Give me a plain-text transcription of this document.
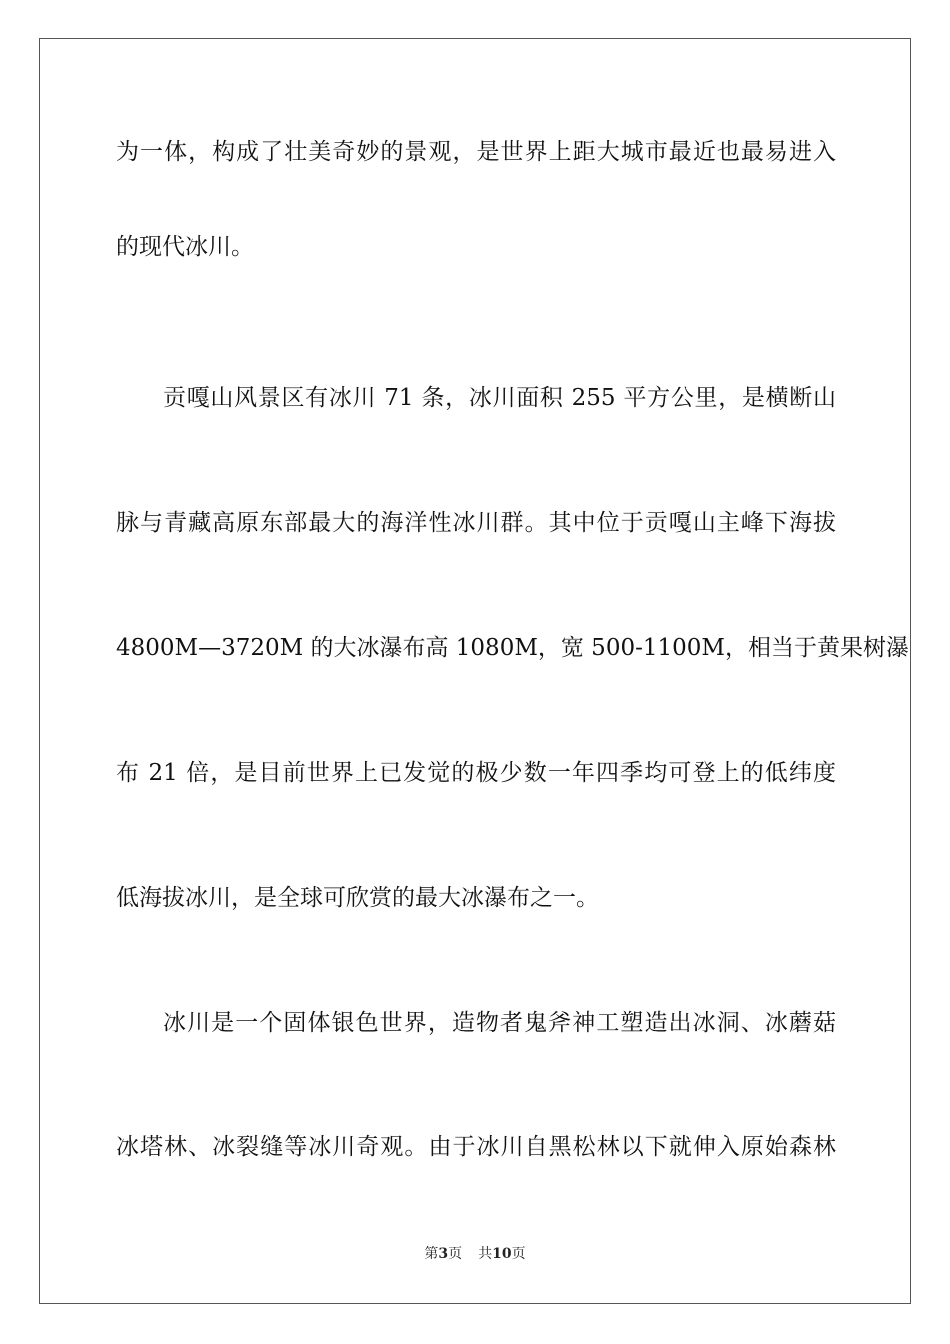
为一体，构成了壮美奇妙的景观，是世界上距大城市最近也最易进入
的现代冰川。
贡嘎山风景区有冰川 71 条，冰川面积 255 平方公里，是横断山
脉与青藏高原东部最大的海洋性冰川群。其中位于贡嘎山主峰下海拔
4800M—3720M 的大冰瀑布高 1080M，宽 500-1100M，相当于黄果树瀑
布 21 倍，是目前世界上已发觉的极少数一年四季均可登上的低纬度
低海拔冰川，是全球可欣赏的最大冰瀑布之一。
冰川是一个固体银色世界，造物者鬼斧神工塑造出冰洞、冰蘑菇
冰塔林、冰裂缝等冰川奇观。由于冰川自黑松林以下就伸入原始森林
第3页 共10页
